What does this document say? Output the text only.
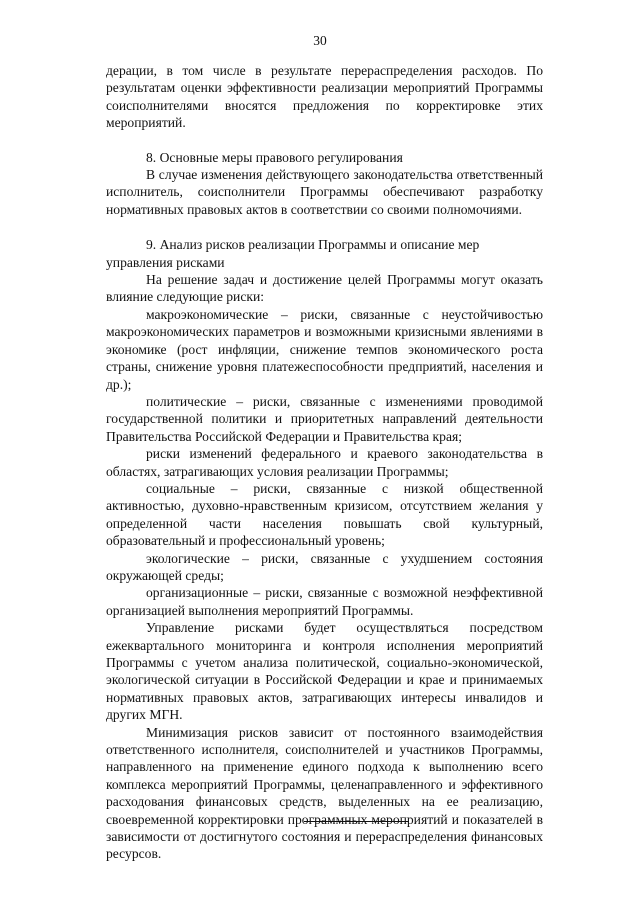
30

дерации, в том числе в результате перераспределения расходов. По результатам оценки эффективности реализации мероприятий Программы соисполнителями вносятся предложения по корректировке этих мероприятий.

8. Основные меры правового регулирования

В случае изменения действующего законодательства ответственный исполнитель, соисполнители Программы обеспечивают разработку нормативных правовых актов в соответствии со своими полномочиями.

9. Анализ рисков реализации Программы и описание мер управления рисками

На решение задач и достижение целей Программы могут оказать влияние следующие риски:

макроэкономические – риски, связанные с неустойчивостью макроэкономических параметров и возможными кризисными явлениями в экономике (рост инфляции, снижение темпов экономического роста страны, снижение уровня платежеспособности предприятий, населения и др.);

политические – риски, связанные с изменениями проводимой государственной политики и приоритетных направлений деятельности Правительства Российской Федерации и Правительства края;

риски изменений федерального и краевого законодательства в областях, затрагивающих условия реализации Программы;

социальные – риски, связанные с низкой общественной активностью, духовно-нравственным кризисом, отсутствием желания у определенной части населения повышать свой культурный, образовательный и профессиональный уровень;

экологические – риски, связанные с ухудшением состояния окружающей среды;

организационные – риски, связанные с возможной неэффективной организацией выполнения мероприятий Программы.

Управление рисками будет осуществляться посредством ежеквартального мониторинга и контроля исполнения мероприятий Программы с учетом анализа политической, социально-экономической, экологической ситуации в Российской Федерации и крае и принимаемых нормативных правовых актов, затрагивающих интересы инвалидов и других МГН.

Минимизация рисков зависит от постоянного взаимодействия ответственного исполнителя, соисполнителей и участников Программы, направленного на применение единого подхода к выполнению всего комплекса мероприятий Программы, целенаправленного и эффективного расходования финансовых средств, выделенных на ее реализацию, своевременной корректировки программных мероприятий и показателей в зависимости от достигнутого состояния и перераспределения финансовых ресурсов.
